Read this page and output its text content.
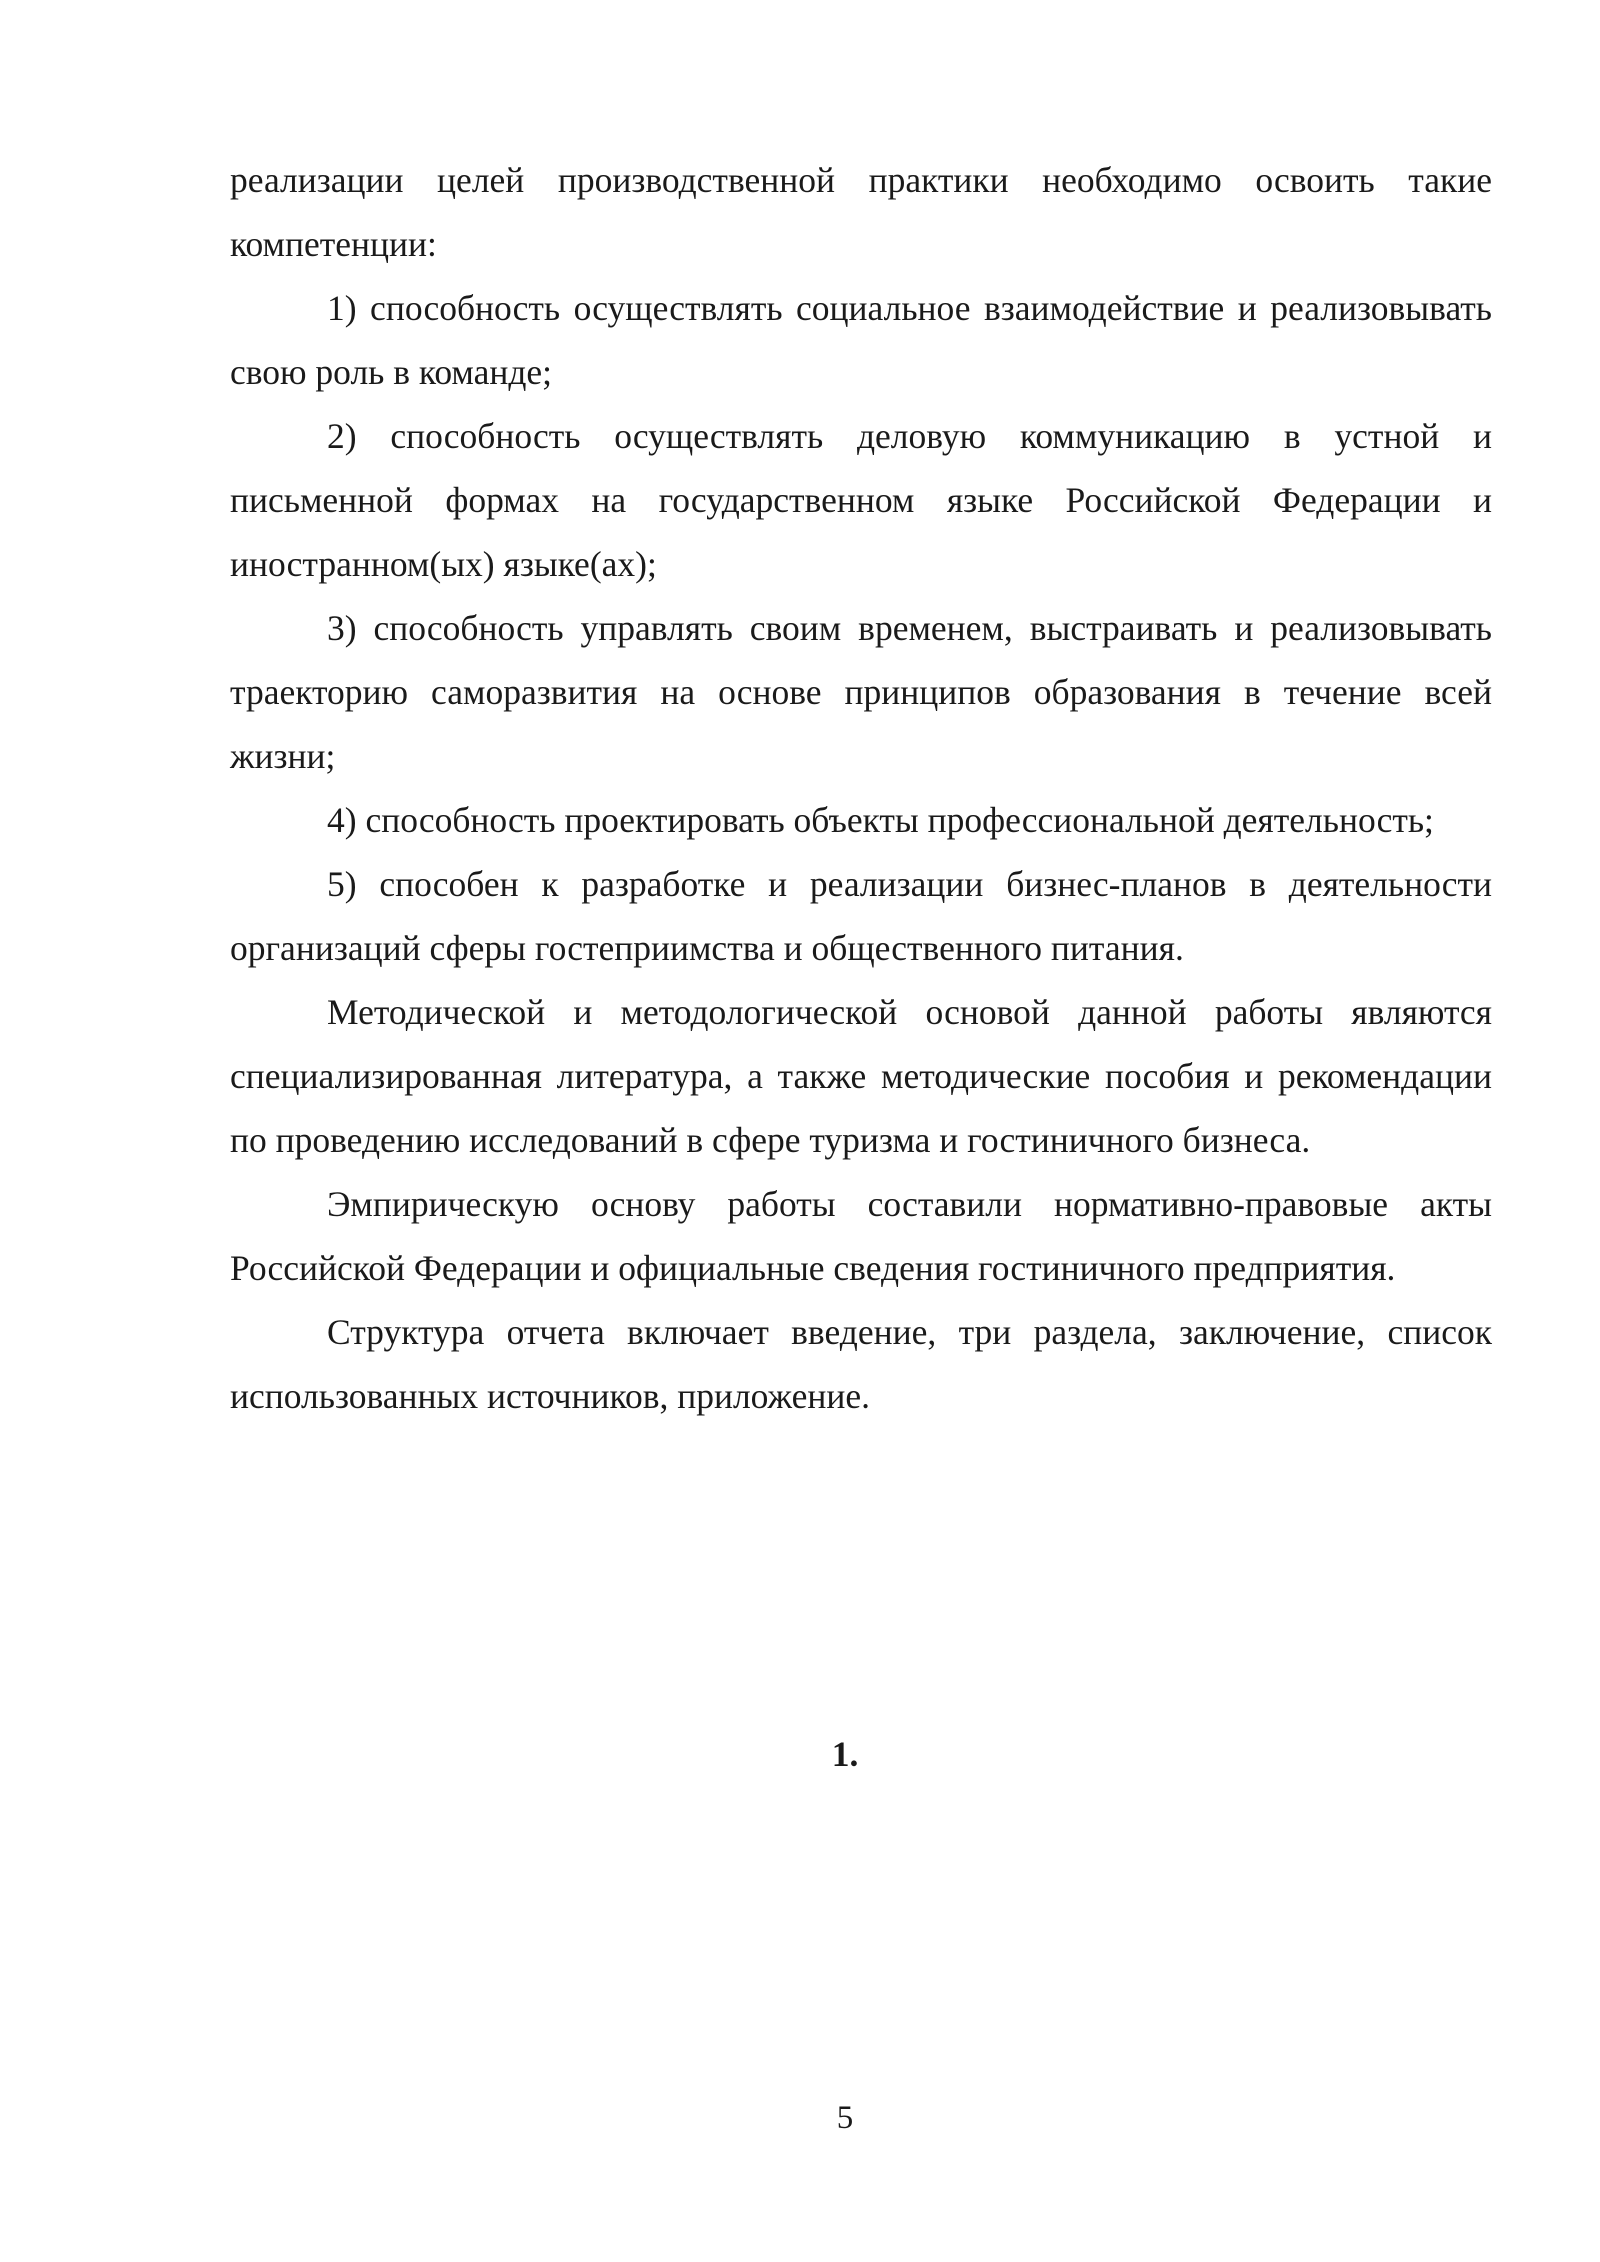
реализации целей производственной практики необходимо освоить такие компетенции:

1) способность осуществлять социальное взаимодействие и реализовывать свою роль в команде;

2) способность осуществлять деловую коммуникацию в устной и письменной формах на государственном языке Российской Федерации и иностранном(ых) языке(ах);

3) способность управлять своим временем, выстраивать и реализовывать траекторию саморазвития на основе принципов образования в течение всей жизни;

4) способность проектировать объекты профессиональной деятельность;

5) способен к разработке и реализации бизнес-планов в деятельности организаций сферы гостеприимства и общественного питания.

Методической и методологической основой данной работы являются специализированная литература, а также методические пособия и рекомендации по проведению исследований в сфере туризма и гостиничного бизнеса.

Эмпирическую основу работы составили нормативно-правовые акты Российской Федерации и официальные сведения гостиничного предприятия.

Структура отчета включает введение, три раздела, заключение, список использованных источников, приложение.

1.
5
